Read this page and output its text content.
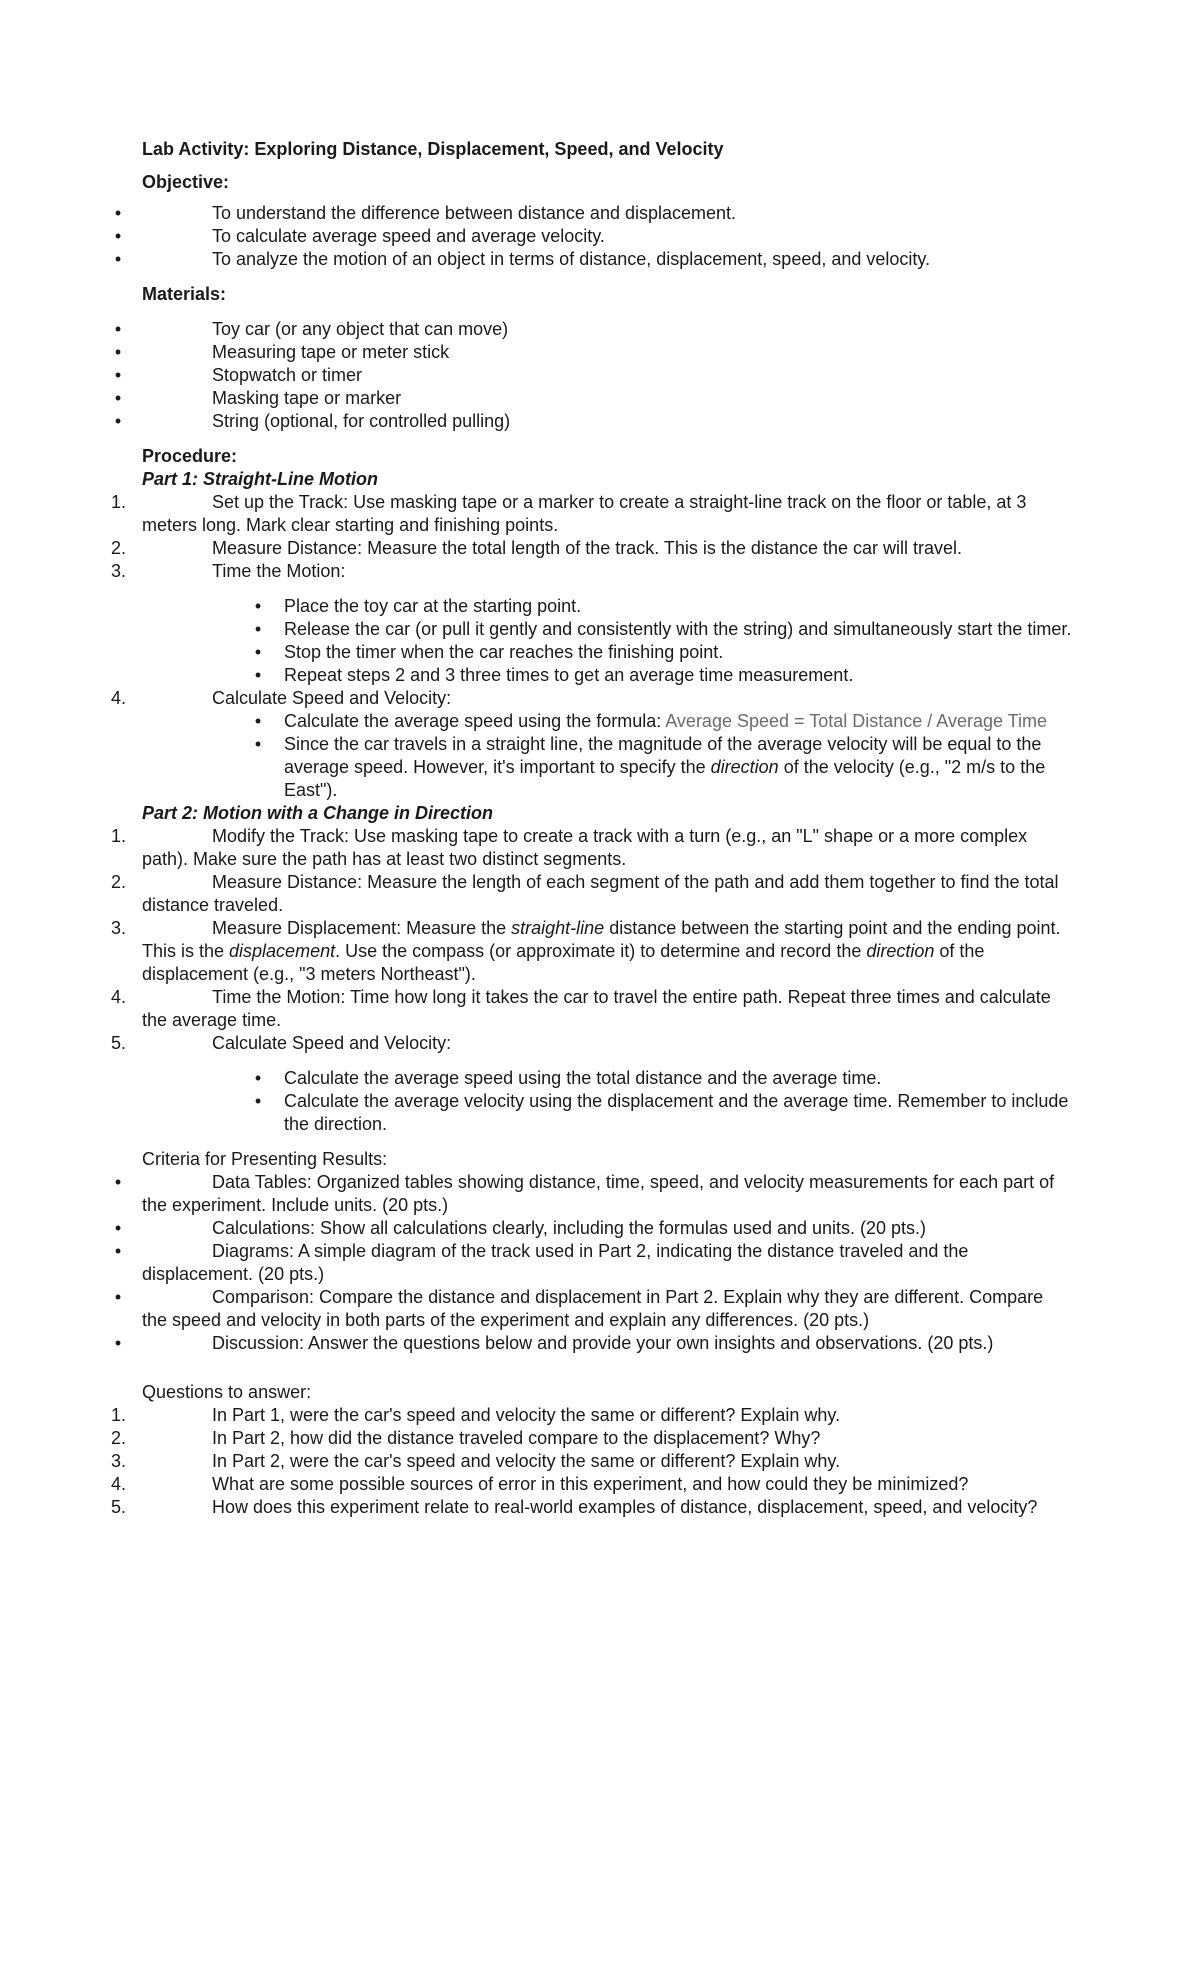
Lab Activity: Exploring Distance, Displacement, Speed, and Velocity

Objective:

•	To understand the difference between distance and displacement.

•	To calculate average speed and average velocity.

•	To analyze the motion of an object in terms of distance, displacement, speed, and velocity.

Materials:

•	Toy car (or any object that can move)

•	Measuring tape or meter stick

•	Stopwatch or timer

•	Masking tape or marker

•	String (optional, for controlled pulling)

Procedure:

Part 1: Straight-Line Motion

1.	Set up the Track: Use masking tape or a marker to create a straight-line track on the floor or table, at 3 meters long. Mark clear starting and finishing points.

2.	Measure Distance: Measure the total length of the track. This is the distance the car will travel.

3.	Time the Motion:

•	Place the toy car at the starting point.

•	Release the car (or pull it gently and consistently with the string) and simultaneously start the timer.

•	Stop the timer when the car reaches the finishing point.

•	Repeat steps 2 and 3 three times to get an average time measurement.

4.	Calculate Speed and Velocity:

•	Calculate the average speed using the formula: Average Speed = Total Distance / Average Time

•	Since the car travels in a straight line, the magnitude of the average velocity will be equal to the average speed. However, it's important to specify the direction of the velocity (e.g., "2 m/s to the East").

Part 2: Motion with a Change in Direction

1.	Modify the Track: Use masking tape to create a track with a turn (e.g., an "L" shape or a more complex path). Make sure the path has at least two distinct segments.

2.	Measure Distance: Measure the length of each segment of the path and add them together to find the total distance traveled.

3.	Measure Displacement: Measure the straight-line distance between the starting point and the ending point. This is the displacement. Use the compass (or approximate it) to determine and record the direction of the displacement (e.g., "3 meters Northeast").

4.	Time the Motion: Time how long it takes the car to travel the entire path. Repeat three times and calculate the average time.

5.	Calculate Speed and Velocity:

•	Calculate the average speed using the total distance and the average time.

•	Calculate the average velocity using the displacement and the average time. Remember to include the direction.

Criteria for Presenting Results:

•	Data Tables: Organized tables showing distance, time, speed, and velocity measurements for each part of the experiment. Include units. (20 pts.)

•	Calculations: Show all calculations clearly, including the formulas used and units. (20 pts.)

•	Diagrams: A simple diagram of the track used in Part 2, indicating the distance traveled and the displacement. (20 pts.)

•	Comparison: Compare the distance and displacement in Part 2. Explain why they are different. Compare the speed and velocity in both parts of the experiment and explain any differences. (20 pts.)

•	Discussion: Answer the questions below and provide your own insights and observations. (20 pts.)

Questions to answer:

1.	In Part 1, were the car's speed and velocity the same or different? Explain why.

2.	In Part 2, how did the distance traveled compare to the displacement? Why?

3.	In Part 2, were the car's speed and velocity the same or different? Explain why.

4.	What are some possible sources of error in this experiment, and how could they be minimized?

5.	How does this experiment relate to real-world examples of distance, displacement, speed, and velocity?
